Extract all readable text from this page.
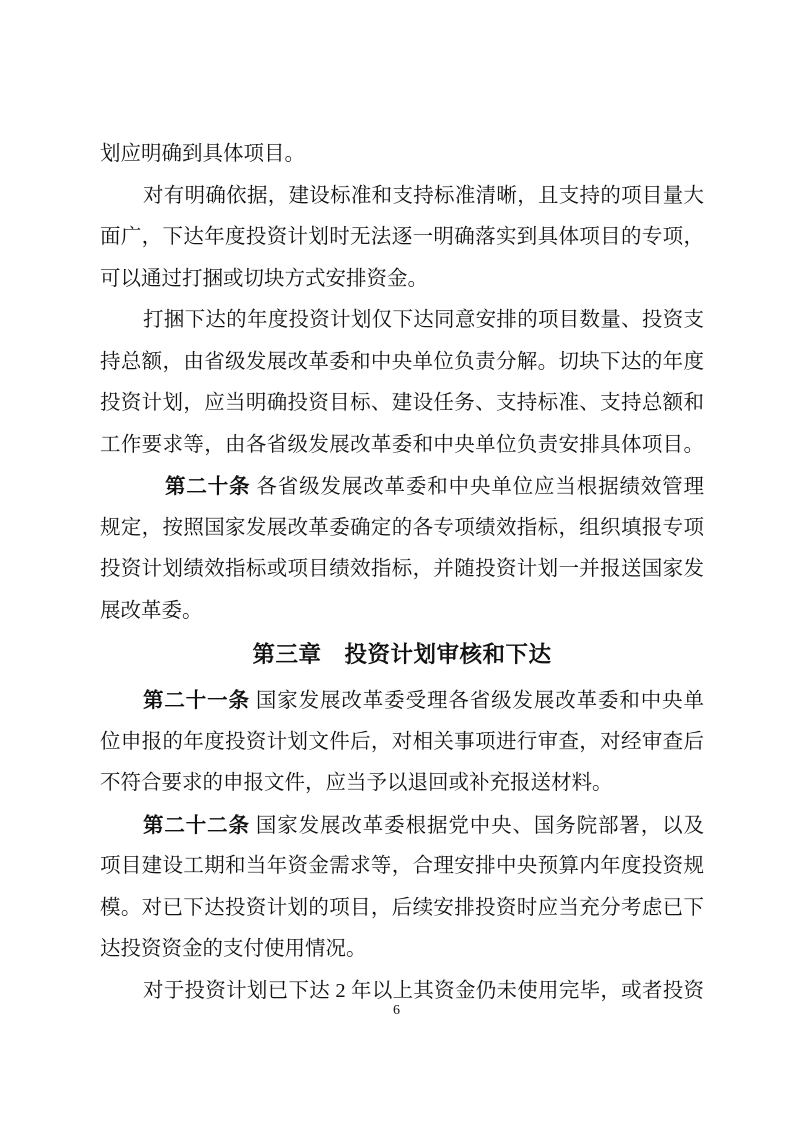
划应明确到具体项目。
对有明确依据，建设标准和支持标准清晰，且支持的项目量大
面广，下达年度投资计划时无法逐一明确落实到具体项目的专项，
可以通过打捆或切块方式安排资金。
打捆下达的年度投资计划仅下达同意安排的项目数量、投资支
持总额，由省级发展改革委和中央单位负责分解。切块下达的年度
投资计划，应当明确投资目标、建设任务、支持标准、支持总额和
工作要求等，由各省级发展改革委和中央单位负责安排具体项目。
第二十条 各省级发展改革委和中央单位应当根据绩效管理
规定，按照国家发展改革委确定的各专项绩效指标，组织填报专项
投资计划绩效指标或项目绩效指标，并随投资计划一并报送国家发
展改革委。
第三章　投资计划审核和下达
第二十一条 国家发展改革委受理各省级发展改革委和中央单
位申报的年度投资计划文件后，对相关事项进行审查，对经审查后
不符合要求的申报文件，应当予以退回或补充报送材料。
第二十二条 国家发展改革委根据党中央、国务院部署，以及
项目建设工期和当年资金需求等，合理安排中央预算内年度投资规
模。对已下达投资计划的项目，后续安排投资时应当充分考虑已下
达投资资金的支付使用情况。
对于投资计划已下达 2 年以上其资金仍未使用完毕，或者投资
6
